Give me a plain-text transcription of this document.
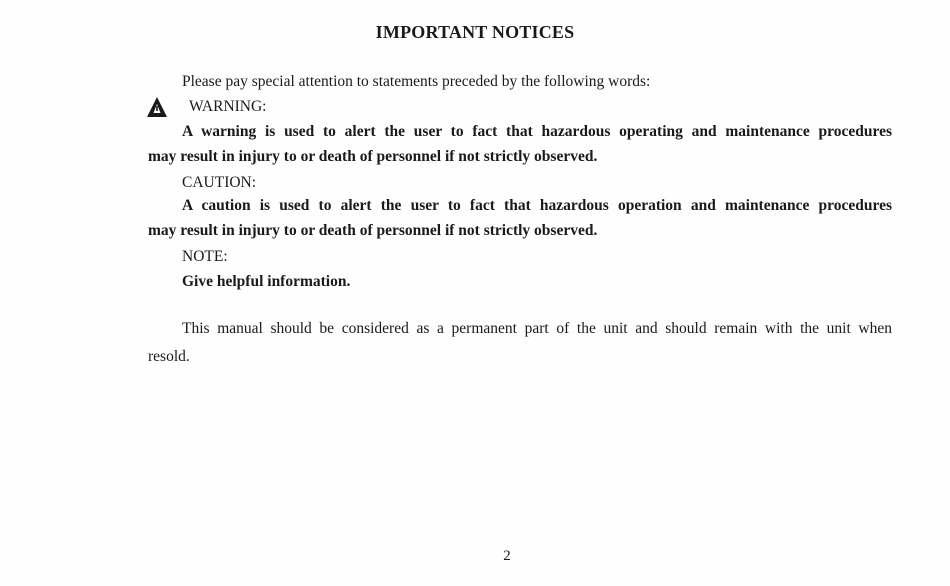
IMPORTANT NOTICES
Please pay special attention to statements preceded by the following words:
WARNING:
A warning is used to alert the user to fact that hazardous operating and maintenance procedures
may result in injury to or death of personnel if not strictly observed.
CAUTION:
A caution is used to alert the user to fact that hazardous operation and maintenance procedures
may result in injury to or death of personnel if not strictly observed.
NOTE:
Give helpful information.
This manual should be considered as a permanent part of the unit and should remain with the unit when
resold.
2
